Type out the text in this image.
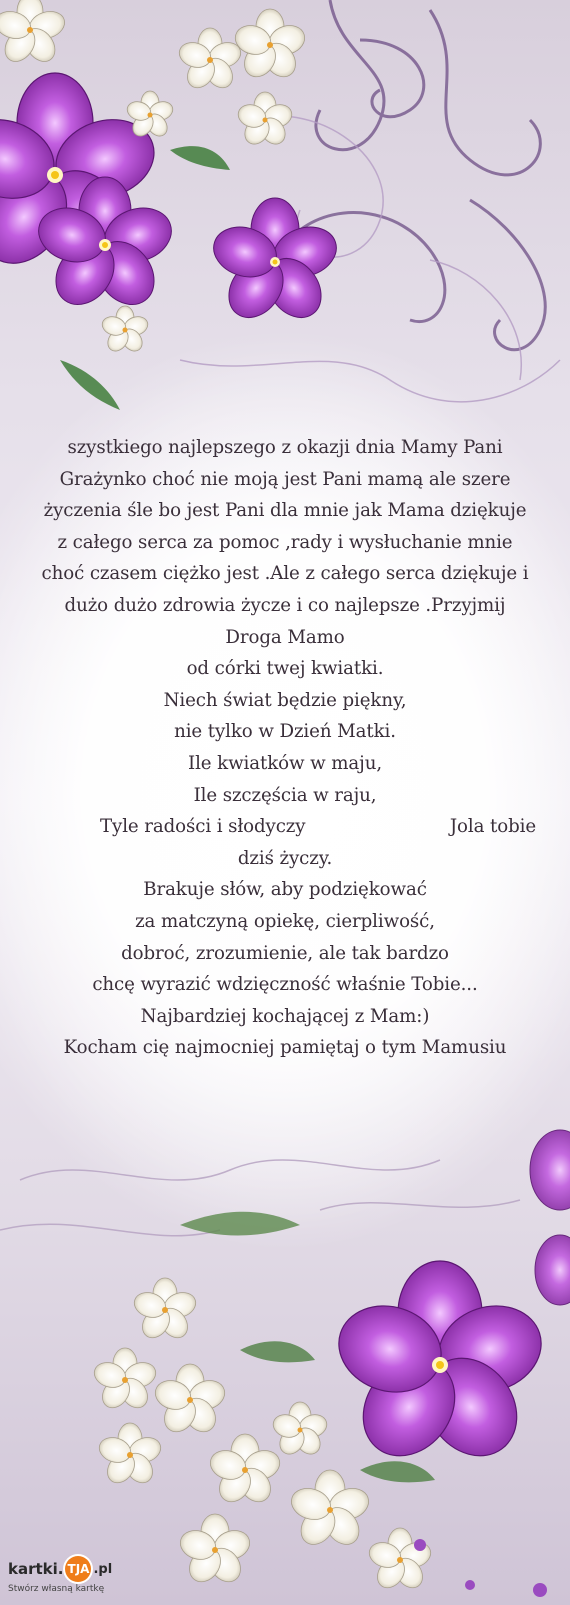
szystkiego najlepszego z okazji dnia Mamy Pani
Grażynko choć nie moją jest Pani mamą ale szere
życzenia śle bo jest Pani dla mnie jak Mama dziękuje
z całego serca za pomoc ,rady i wysłuchanie mnie
choć czasem ciężko jest .Ale z całego serca dziękuje i
dużo dużo zdrowia życze i co najlepsze .Przyjmij
Droga Mamo
od córki twej kwiatki.
Niech świat będzie piękny,
nie tylko w Dzień Matki.
Ile kwiatków w maju,
Ile szczęścia w raju,
Tyle radości i słodyczy	Jola tobie
dziś życzy.
Brakuje słów, aby podziękować
za matczyną opiekę, cierpliwość,
dobroć, zrozumienie, ale tak bardzo
chcę wyrazić wdzięczność właśnie Tobie...
Najbardziej kochającej z Mam:)
Kocham cię najmocniej pamiętaj o tym Mamusiu
kartki. TJA .pl
Stwórz własną kartkę
